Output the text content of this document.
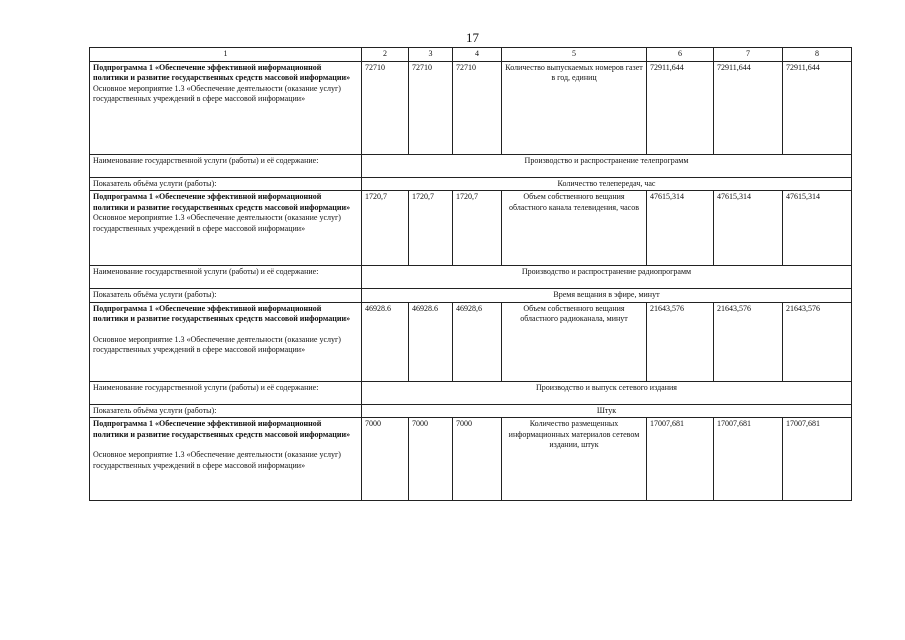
17
1	2	3	4	5	6	7	8

Подпрограмма 1 «Обеспечение эффективной информационной политики и развитие государственных средств массовой информации»
Основное мероприятие 1.3 «Обеспечение деятельности (оказание услуг) государственных учреждений в сфере массовой информации»	72710	72710	72710	Количество выпускаемых номеров газет в год, единиц	72911,644	72911,644	72911,644
Наименование государственной услуги (работы) и её содержание:	Производство и распространение телепрограмм						
Показатель объёма услуги (работы):	Количество телепередач, час						

Подпрограмма 1 «Обеспечение эффективной информационной политики и развитие государственных средств массовой информации»
Основное мероприятие 1.3 «Обеспечение деятельности (оказание услуг) государственных учреждений в сфере массовой информации»	1720,7	1720,7	1720,7	Объем собственного вещания областного канала телевидения, часов	47615,314	47615,314	47615,314
Наименование государственной услуги (работы) и её содержание:	Производство и распространение радиопрограмм						
Показатель объёма услуги (работы):	Время вещания в эфире, минут						

Подпрограмма 1 «Обеспечение эффективной информационной политики и развитие государственных средств массовой информации»
Основное мероприятие 1.3 «Обеспечение деятельности (оказание услуг) государственных учреждений в сфере массовой информации»	46928.6	46928.6	46928,6	Объем собственного вещания областного радиоканала, минут	21643,576	21643,576	21643,576
Наименование государственной услуги (работы) и её содержание:	Производство и выпуск сетевого издания						
Показатель объёма услуги (работы):	Штук						

Подпрограмма 1 «Обеспечение эффективной информационной политики и развитие государственных средств массовой информации»
Основное мероприятие 1.3 «Обеспечение деятельности (оказание услуг) государственных учреждений в сфере массовой информации»	7000	7000	7000	Количество размещенных информационных материалов сетевом издании, штук	17007,681	17007,681	17007,681
